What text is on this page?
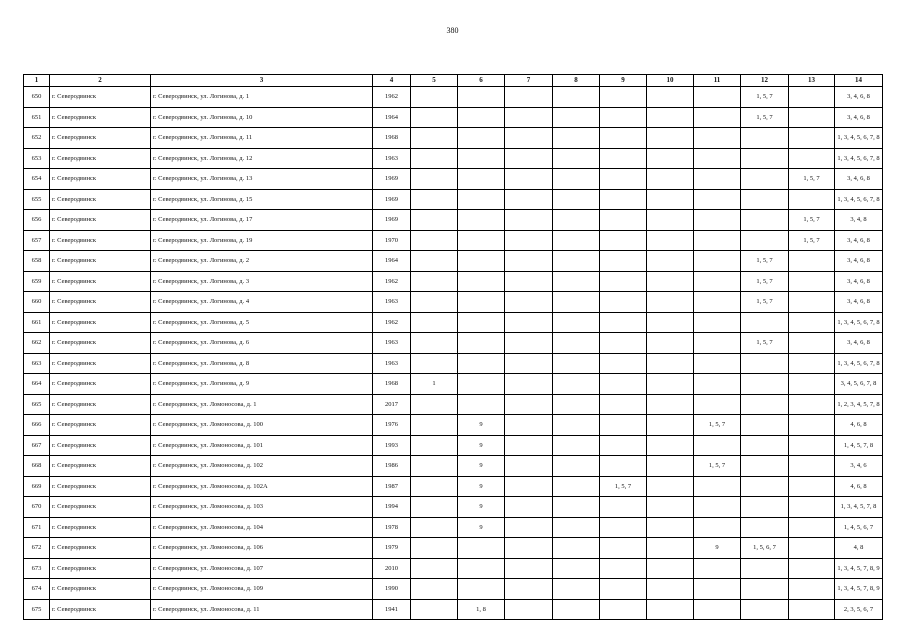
380
1	2	3	4	5	6	7	8	9	10	11	12	13	14
650	г. Северодвинск	г. Северодвинск, ул. Логинова, д. 1	1962								1, 5, 7		3, 4, 6, 8
651	г. Северодвинск	г. Северодвинск, ул. Логинова, д. 10	1964								1, 5, 7		3, 4, 6, 8
652	г. Северодвинск	г. Северодвинск, ул. Логинова, д. 11	1968										1, 3, 4, 5, 6, 7, 8
653	г. Северодвинск	г. Северодвинск, ул. Логинова, д. 12	1963										1, 3, 4, 5, 6, 7, 8
654	г. Северодвинск	г. Северодвинск, ул. Логинова, д. 13	1969									1, 5, 7	3, 4, 6, 8
655	г. Северодвинск	г. Северодвинск, ул. Логинова, д. 15	1969										1, 3, 4, 5, 6, 7, 8
656	г. Северодвинск	г. Северодвинск, ул. Логинова, д. 17	1969									1, 5, 7	3, 4, 8
657	г. Северодвинск	г. Северодвинск, ул. Логинова, д. 19	1970									1, 5, 7	3, 4, 6, 8
658	г. Северодвинск	г. Северодвинск, ул. Логинова, д. 2	1964								1, 5, 7		3, 4, 6, 8
659	г. Северодвинск	г. Северодвинск, ул. Логинова, д. 3	1962								1, 5, 7		3, 4, 6, 8
660	г. Северодвинск	г. Северодвинск, ул. Логинова, д. 4	1963								1, 5, 7		3, 4, 6, 8
661	г. Северодвинск	г. Северодвинск, ул. Логинова, д. 5	1962										1, 3, 4, 5, 6, 7, 8
662	г. Северодвинск	г. Северодвинск, ул. Логинова, д. 6	1963								1, 5, 7		3, 4, 6, 8
663	г. Северодвинск	г. Северодвинск, ул. Логинова, д. 8	1963										1, 3, 4, 5, 6, 7, 8
664	г. Северодвинск	г. Северодвинск, ул. Логинова, д. 9	1968	1									3, 4, 5, 6, 7, 8
665	г. Северодвинск	г. Северодвинск, ул. Ломоносова, д. 1	2017										1, 2, 3, 4, 5, 7, 8
666	г. Северодвинск	г. Северодвинск, ул. Ломоносова, д. 100	1976		9					1, 5, 7			4, 6, 8
667	г. Северодвинск	г. Северодвинск, ул. Ломоносова, д. 101	1993		9								1, 4, 5, 7, 8
668	г. Северодвинск	г. Северодвинск, ул. Ломоносова, д. 102	1986		9					1, 5, 7			3, 4, 6
669	г. Северодвинск	г. Северодвинск, ул. Ломоносова, д. 102А	1987		9			1, 5, 7					4, 6, 8
670	г. Северодвинск	г. Северодвинск, ул. Ломоносова, д. 103	1994		9								1, 3, 4, 5, 7, 8
671	г. Северодвинск	г. Северодвинск, ул. Ломоносова, д. 104	1978		9								1, 4, 5, 6, 7
672	г. Северодвинск	г. Северодвинск, ул. Ломоносова, д. 106	1979							9	1, 5, 6, 7		4, 8
673	г. Северодвинск	г. Северодвинск, ул. Ломоносова, д. 107	2010										1, 3, 4, 5, 7, 8, 9
674	г. Северодвинск	г. Северодвинск, ул. Ломоносова, д. 109	1990										1, 3, 4, 5, 7, 8, 9
675	г. Северодвинск	г. Северодвинск, ул. Ломоносова, д. 11	1941		1, 8								2, 3, 5, 6, 7
